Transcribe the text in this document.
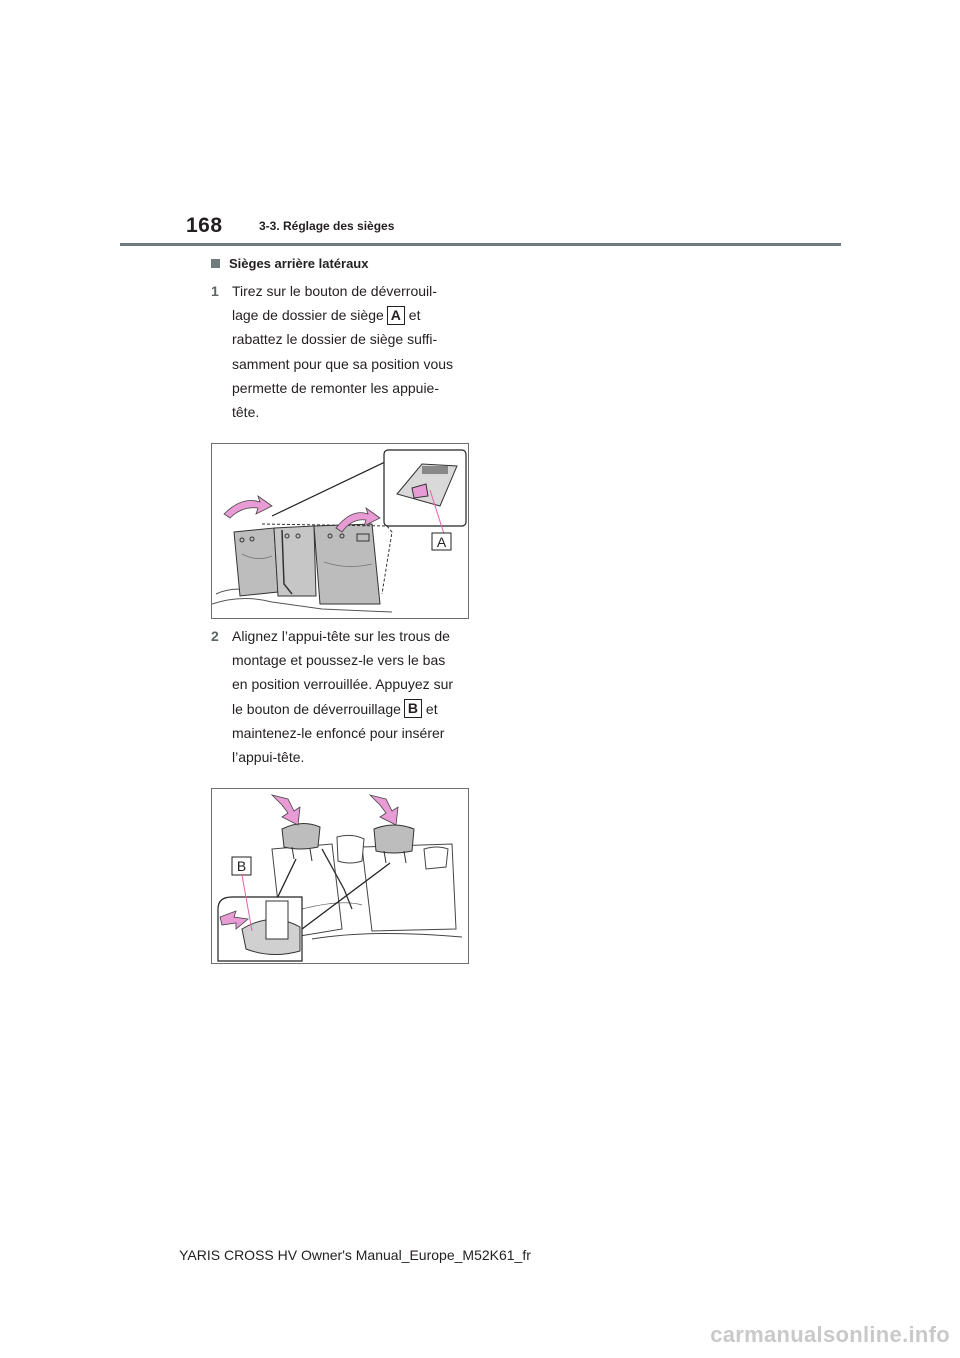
168	3-3. Réglage des sièges
Sièges arrière latéraux
1 Tirez sur le bouton de déverrouil-
lage de dossier de siège A et
rabattez le dossier de siège suffi-
samment pour que sa position vous
permette de remonter les appuie-
tête.
A
2 Alignez l’appui-tête sur les trous de
montage et poussez-le vers le bas
en position verrouillée. Appuyez sur
le bouton de déverrouillage B et
maintenez-le enfoncé pour insérer
l’appui-tête.
B
YARIS CROSS HV Owner's Manual_Europe_M52K61_fr
carmanualsonline.info
